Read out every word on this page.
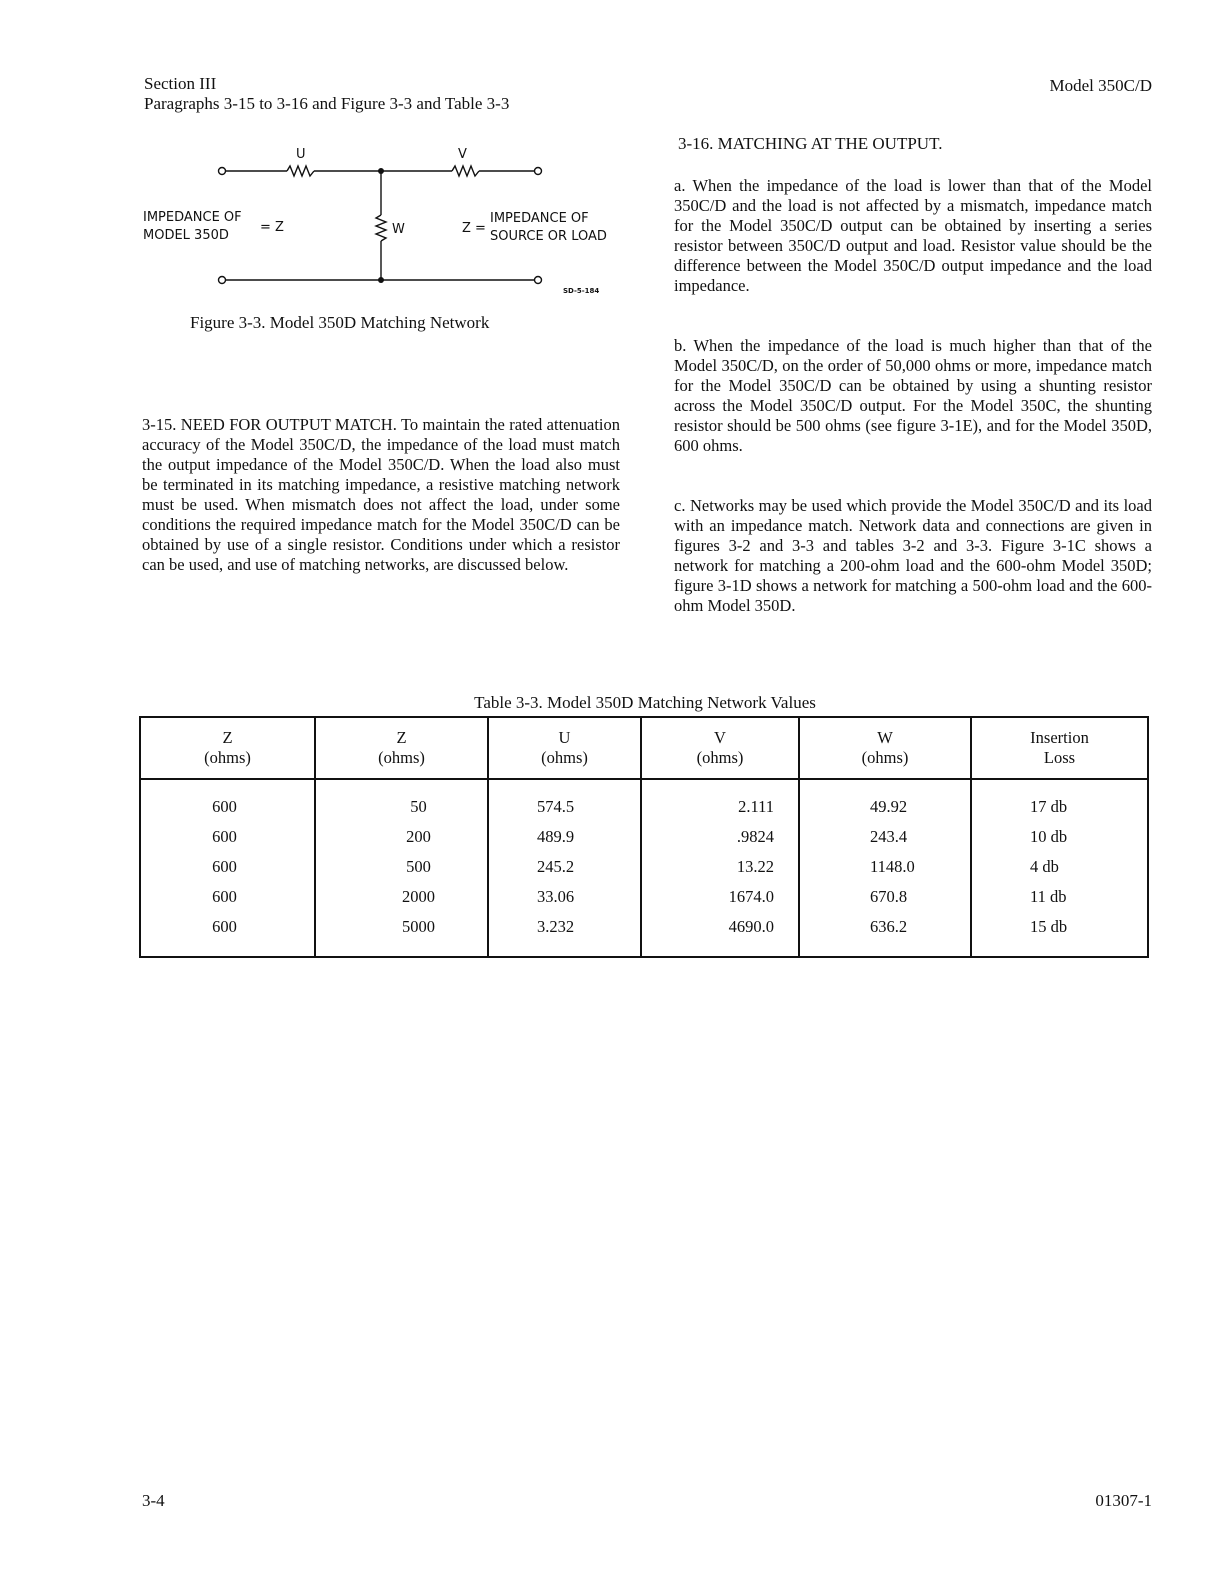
Section III
Paragraphs 3-15 to 3-16 and Figure 3-3 and Table 3-3
Model 350C/D
U	V
W
IMPEDANCE OF
MODEL 350D
= Z	Z =
IMPEDANCE OF
SOURCE OR LOAD
SD-5-184
Figure 3-3. Model 350D Matching Network

3-15. NEED FOR OUTPUT MATCH. To maintain the rated attenuation accuracy of the Model 350C/D, the impedance of the load must match the output impedance of the Model 350C/D. When the load also must be terminated in its matching impedance, a resistive matching network must be used. When mismatch does not affect the load, under some conditions the required impedance match for the Model 350C/D can be obtained by use of a single resistor. Conditions under which a resistor can be used, and use of matching networks, are discussed below.

3-16. MATCHING AT THE OUTPUT.

a. When the impedance of the load is lower than that of the Model 350C/D and the load is not affected by a mismatch, impedance match for the Model 350C/D output can be obtained by inserting a series resistor between 350C/D output and load. Resistor value should be the difference between the Model 350C/D output impedance and the load impedance.

b. When the impedance of the load is much higher than that of the Model 350C/D, on the order of 50,000 ohms or more, impedance match for the Model 350C/D can be obtained by using a shunting resistor across the Model 350C/D output. For the Model 350C, the shunting resistor should be 500 ohms (see figure 3-1E), and for the Model 350D, 600 ohms.

c. Networks may be used which provide the Model 350C/D and its load with an impedance match. Network data and connections are given in figures 3-2 and 3-3 and tables 3-2 and 3-3. Figure 3-1C shows a network for matching a 200-ohm load and the 600-ohm Model 350D; figure 3-1D shows a network for matching a 500-ohm load and the 600-ohm Model 350D.

Table 3-3. Model 350D Matching Network Values
Z
(ohms)	Z
(ohms)	U
(ohms)	V
(ohms)	W
(ohms)	Insertion
Loss
600	50	574.5	2.111	49.92	17 db
600	200	489.9	.9824	243.4	10 db
600	500	245.2	13.22	1148.0	4 db
600	2000	33.06	1674.0	670.8	11 db
600	5000	3.232	4690.0	636.2	15 db
3-4	01307-1
